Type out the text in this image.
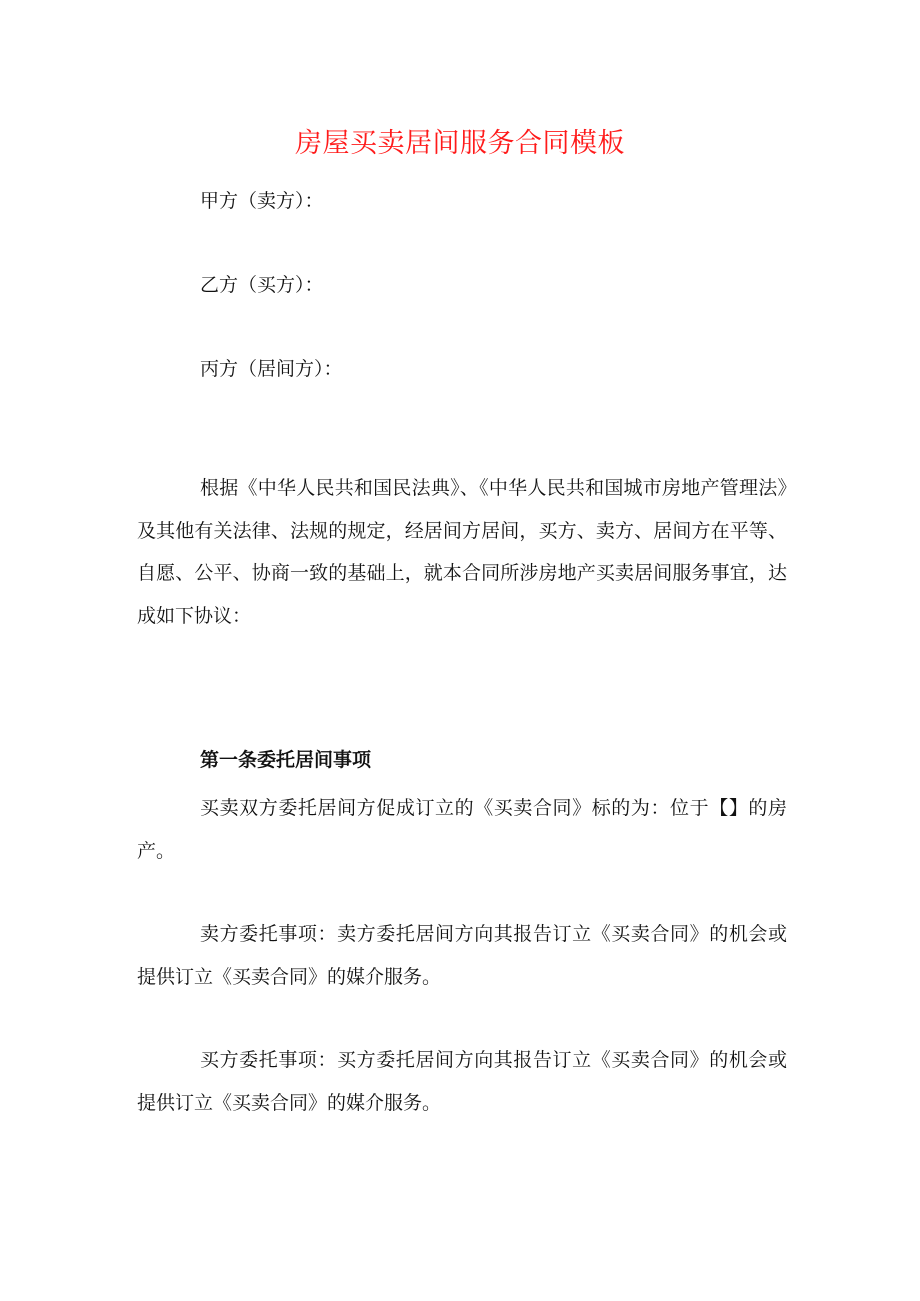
房屋买卖居间服务合同模板
甲方（卖方）：
乙方（买方）：
丙方（居间方）：
根据《中华人民共和国民法典》、《中华人民共和国城市房地产管理法》及其他有关法律、法规的规定，经居间方居间，买方、卖方、居间方在平等、自愿、公平、协商一致的基础上，就本合同所涉房地产买卖居间服务事宜，达成如下协议：
第一条委托居间事项
买卖双方委托居间方促成订立的《买卖合同》标的为：位于【】的房产。
卖方委托事项：卖方委托居间方向其报告订立《买卖合同》的机会或提供订立《买卖合同》的媒介服务。
买方委托事项：买方委托居间方向其报告订立《买卖合同》的机会或提供订立《买卖合同》的媒介服务。
